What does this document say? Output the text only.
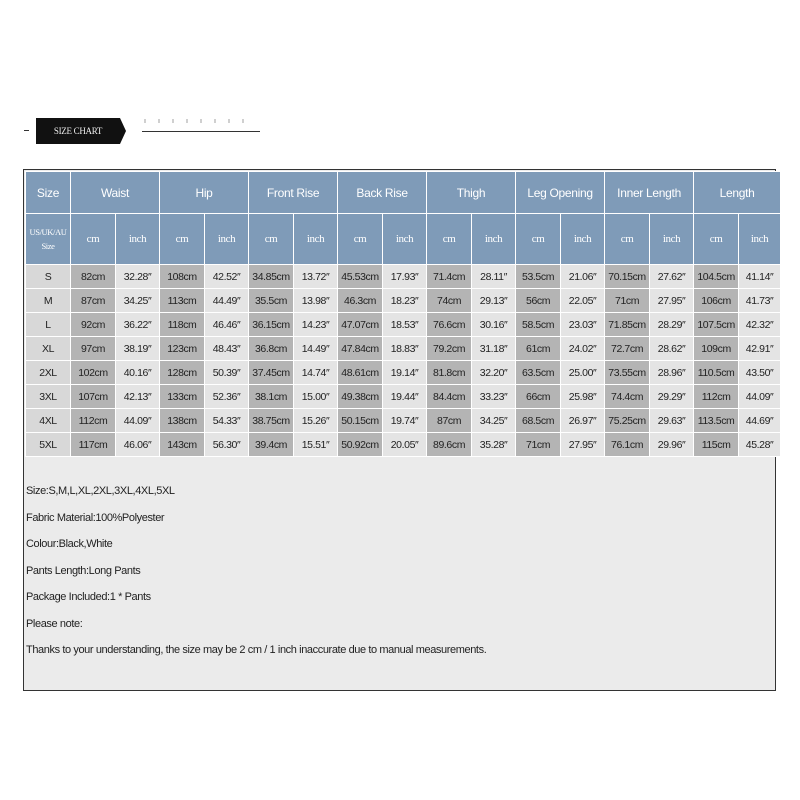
SIZE CHART
Size	Waist		Hip		Front Rise		Back Rise		Thigh		Leg Opening		Inner Length		Length	
US/UK/AU Size	cm	inch	cm	inch	cm	inch	cm	inch	cm	inch	cm	inch	cm	inch	cm	inch
S	82cm	32.28″	108cm	42.52″	34.85cm	13.72″	45.53cm	17.93″	71.4cm	28.11″	53.5cm	21.06″	70.15cm	27.62″	104.5cm	41.14″
M	87cm	34.25″	113cm	44.49″	35.5cm	13.98″	46.3cm	18.23″	74cm	29.13″	56cm	22.05″	71cm	27.95″	106cm	41.73″
L	92cm	36.22″	118cm	46.46″	36.15cm	14.23″	47.07cm	18.53″	76.6cm	30.16″	58.5cm	23.03″	71.85cm	28.29″	107.5cm	42.32″
XL	97cm	38.19″	123cm	48.43″	36.8cm	14.49″	47.84cm	18.83″	79.2cm	31.18″	61cm	24.02″	72.7cm	28.62″	109cm	42.91″
2XL	102cm	40.16″	128cm	50.39″	37.45cm	14.74″	48.61cm	19.14″	81.8cm	32.20″	63.5cm	25.00″	73.55cm	28.96″	110.5cm	43.50″
3XL	107cm	42.13″	133cm	52.36″	38.1cm	15.00″	49.38cm	19.44″	84.4cm	33.23″	66cm	25.98″	74.4cm	29.29″	112cm	44.09″
4XL	112cm	44.09″	138cm	54.33″	38.75cm	15.26″	50.15cm	19.74″	87cm	34.25″	68.5cm	26.97″	75.25cm	29.63″	113.5cm	44.69″
5XL	117cm	46.06″	143cm	56.30″	39.4cm	15.51″	50.92cm	20.05″	89.6cm	35.28″	71cm	27.95″	76.1cm	29.96″	115cm	45.28″
Size:S,M,L,XL,2XL,3XL,4XL,5XL
Fabric Material:100%Polyester
Colour:Black,White
Pants Length:Long Pants
Package Included:1 * Pants
Please note:
Thanks to your understanding, the size may be 2 cm / 1 inch inaccurate due to manual measurements.
